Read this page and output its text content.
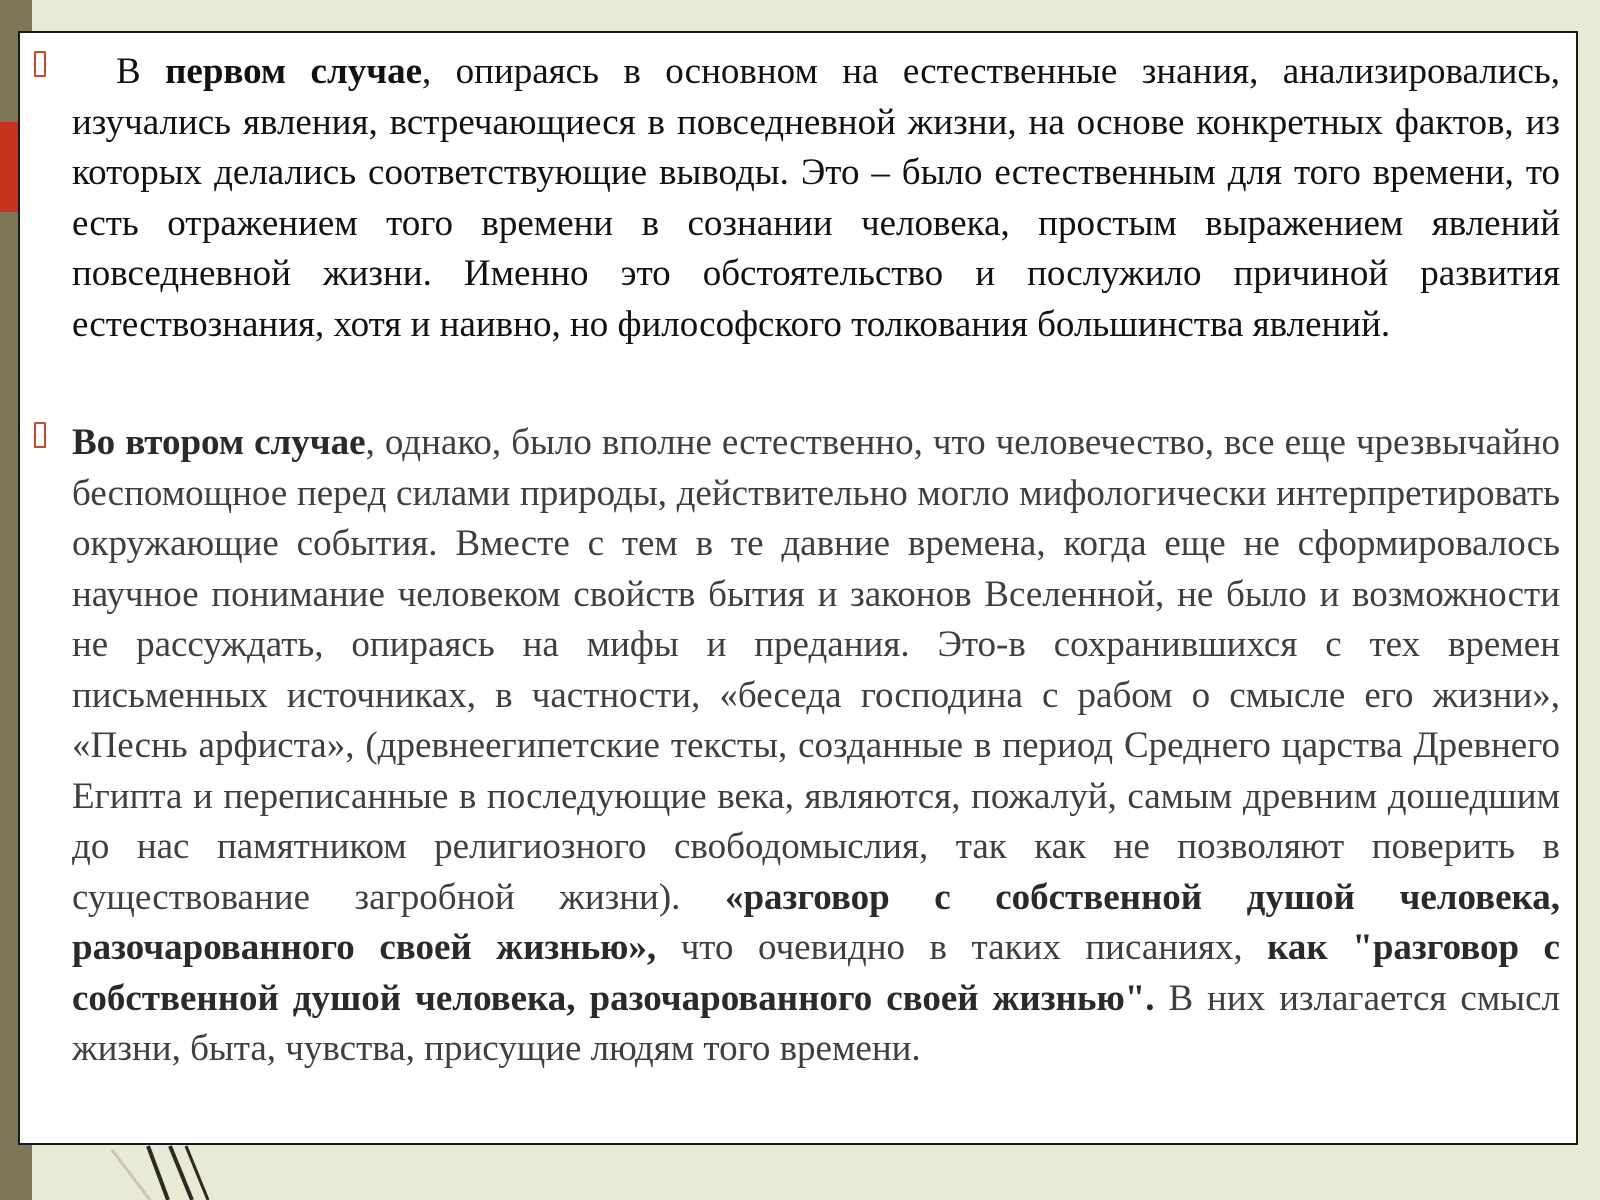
В первом случае, опираясь в основном на естественные знания, анализировались, изучались явления, встречающиеся в повседневной жизни, на основе конкретных фактов, из которых делались соответствующие выводы. Это – было естественным для того времени, то есть отражением того времени в сознании человека, простым выражением явлений повседневной жизни. Именно это обстоятельство и послужило причиной развития естествознания, хотя и наивно, но философского толкования большинства явлений.

Во втором случае, однако, было вполне естественно, что человечество, все еще чрезвычайно беспомощное перед силами природы, действительно могло мифологически интерпретировать окружающие события. Вместе с тем в те давние времена, когда еще не сформировалось научное понимание человеком свойств бытия и законов Вселенной, не было и возможности не рассуждать, опираясь на мифы и предания. Это-в сохранившихся с тех времен письменных источниках, в частности, «беседа господина с рабом о смысле его жизни», «Песнь арфиста», (древнеегипетские тексты, созданные в период Среднего царства Древнего Египта и переписанные в последующие века, являются, пожалуй, самым древним дошедшим до нас памятником религиозного свободомыслия, так как не позволяют поверить в существование загробной жизни). «разговор с собственной душой человека, разочарованного своей жизнью», что очевидно в таких писаниях, как "разговор с собственной душой человека, разочарованного своей жизнью". В них излагается смысл жизни, быта, чувства, присущие людям того времени.
